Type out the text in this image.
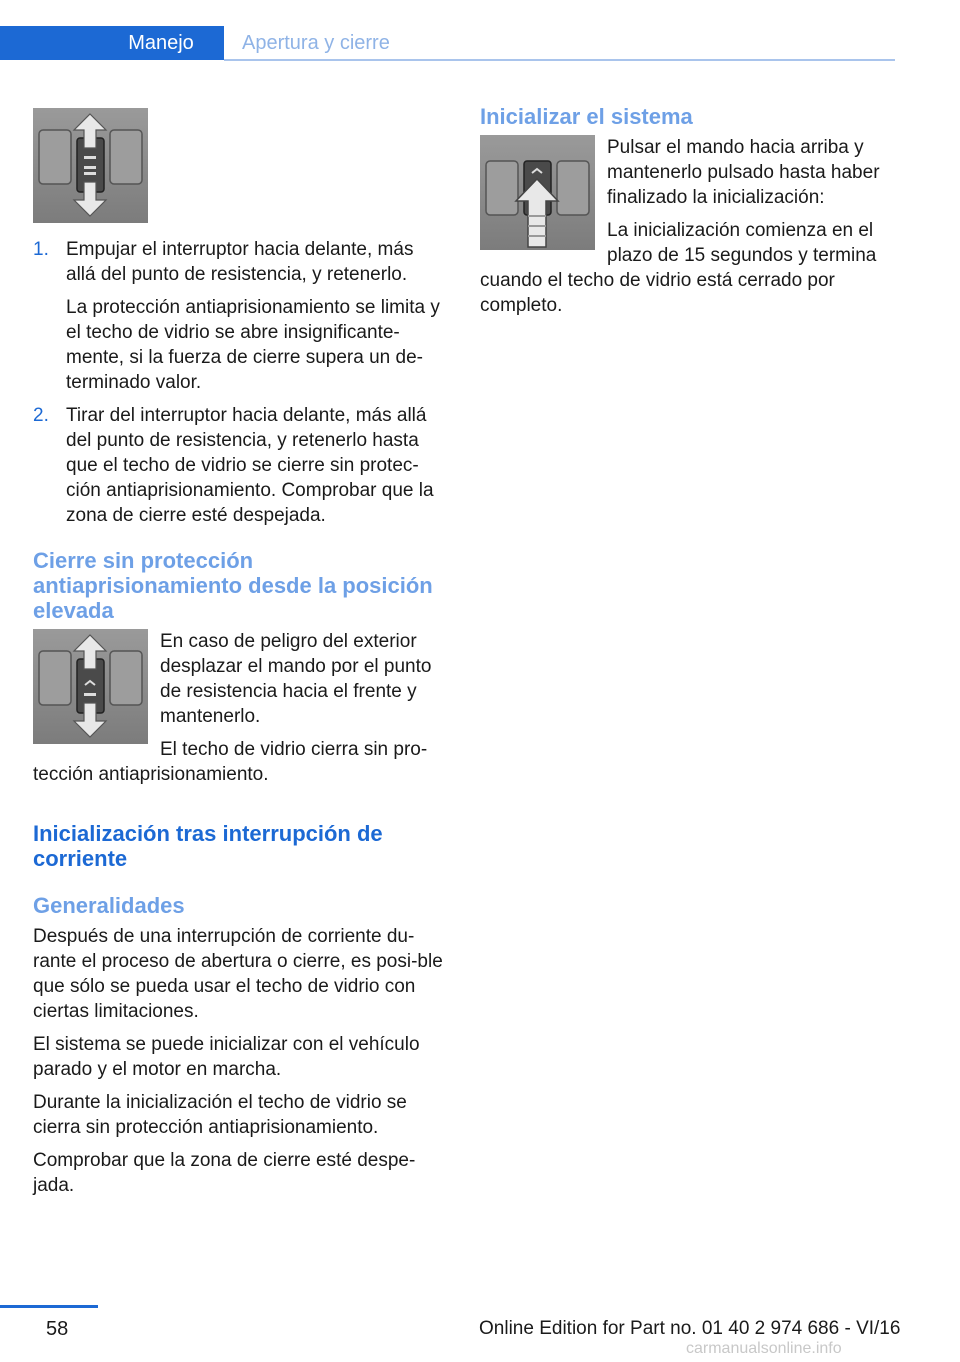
Manejo	Apertura y cierre
1. Empujar el interruptor hacia delante, más allá del punto de resistencia, y retenerlo.

La protección antiaprisionamiento se limita y el techo de vidrio se abre insignificante‐mente, si la fuerza de cierre supera un de‐terminado valor.

2. Tirar del interruptor hacia delante, más allá del punto de resistencia, y retenerlo hasta que el techo de vidrio se cierre sin protec‐ción antiaprisionamiento. Comprobar que la zona de cierre esté despejada.

Cierre sin protección antiaprisionamiento desde la posición elevada

En caso de peligro del exterior desplazar el mando por el punto de resistencia hacia el frente y mantenerlo.

El techo de vidrio cierra sin pro‐tección antiaprisionamiento.

Inicialización tras interrupción de corriente
Generalidades

Después de una interrupción de corriente du‐rante el proceso de abertura o cierre, es posi‐ble que sólo se pueda usar el techo de vidrio con ciertas limitaciones.

El sistema se puede inicializar con el vehículo parado y el motor en marcha.

Durante la inicialización el techo de vidrio se cierra sin protección antiaprisionamiento.

Comprobar que la zona de cierre esté despe‐jada.

Inicializar el sistema

Pulsar el mando hacia arriba y mantenerlo pulsado hasta haber finalizado la inicialización:

La inicialización comienza en el plazo de 15 segundos y termina cuando el techo de vidrio está cerrado por completo.

58	Online Edition for Part no. 01 40 2 974 686 - VI/16
carmanualsonline.info
